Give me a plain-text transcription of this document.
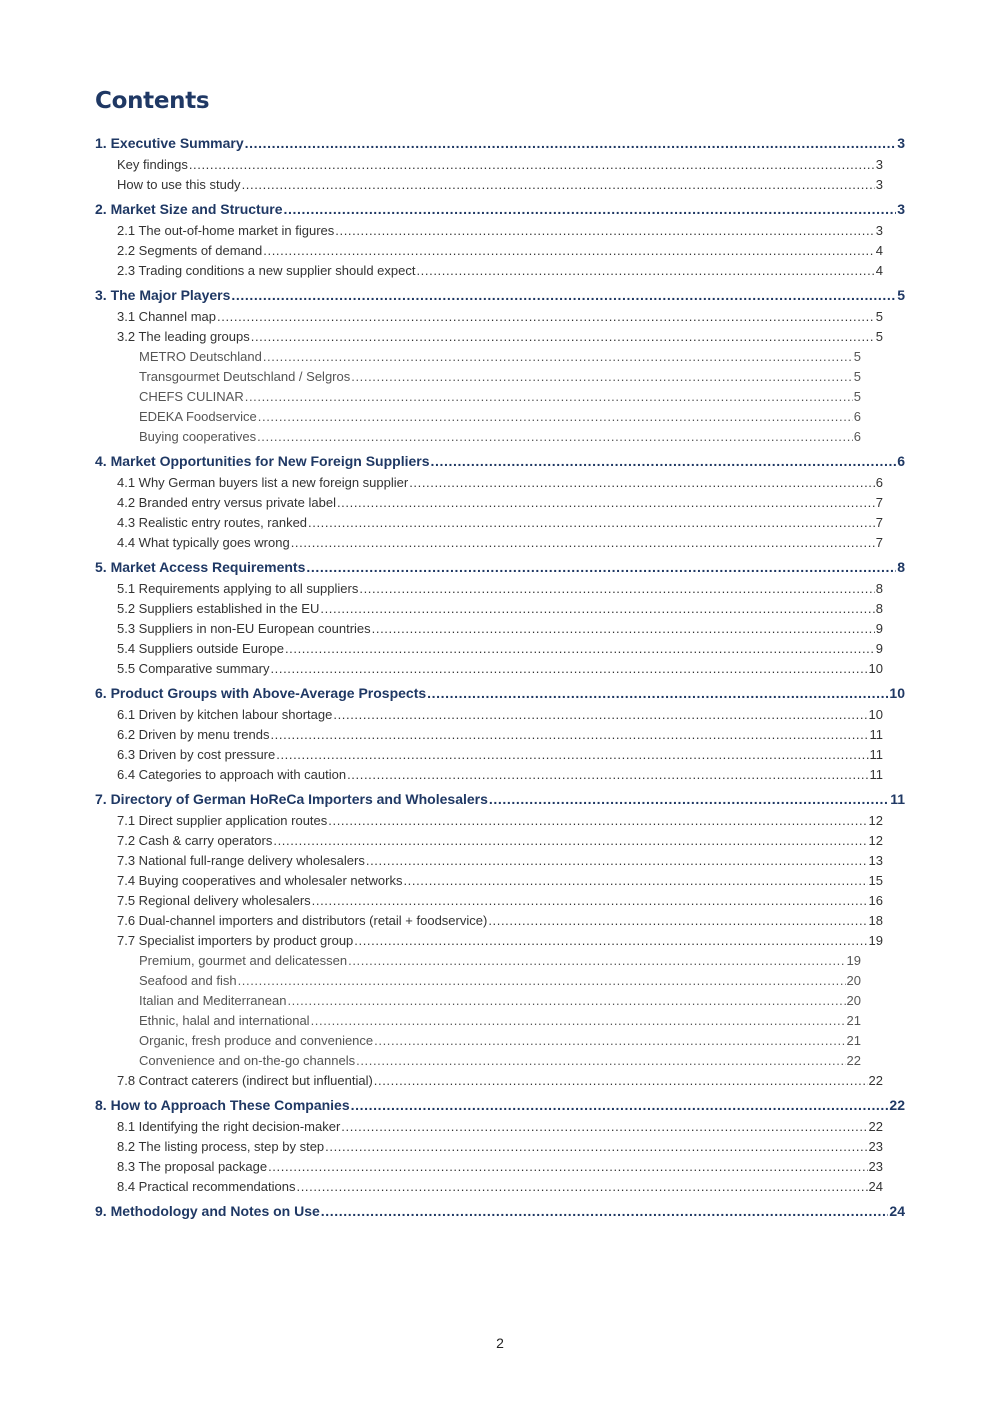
Contents
1. Executive Summary .....	3
Key findings .....	3
How to use this study .....	3
2. Market Size and Structure .....	3
2.1 The out-of-home market in figures .....	3
2.2 Segments of demand .....	4
2.3 Trading conditions a new supplier should expect .....	4
3. The Major Players .....	5
3.1 Channel map .....	5
3.2 The leading groups .....	5
METRO Deutschland .....	5
Transgourmet Deutschland / Selgros .....	5
CHEFS CULINAR .....	5
EDEKA Foodservice .....	6
Buying cooperatives .....	6
4. Market Opportunities for New Foreign Suppliers .....	6
4.1 Why German buyers list a new foreign supplier .....	6
4.2 Branded entry versus private label .....	7
4.3 Realistic entry routes, ranked .....	7
4.4 What typically goes wrong .....	7
5. Market Access Requirements .....	8
5.1 Requirements applying to all suppliers .....	8
5.2 Suppliers established in the EU .....	8
5.3 Suppliers in non-EU European countries .....	9
5.4 Suppliers outside Europe .....	9
5.5 Comparative summary .....	10
6. Product Groups with Above-Average Prospects .....	10
6.1 Driven by kitchen labour shortage .....	10
6.2 Driven by menu trends .....	11
6.3 Driven by cost pressure .....	11
6.4 Categories to approach with caution .....	11
7. Directory of German HoReCa Importers and Wholesalers .....	11
7.1 Direct supplier application routes .....	12
7.2 Cash & carry operators .....	12
7.3 National full-range delivery wholesalers .....	13
7.4 Buying cooperatives and wholesaler networks .....	15
7.5 Regional delivery wholesalers .....	16
7.6 Dual-channel importers and distributors (retail + foodservice) .....	18
7.7 Specialist importers by product group .....	19
Premium, gourmet and delicatessen .....	19
Seafood and fish .....	20
Italian and Mediterranean .....	20
Ethnic, halal and international .....	21
Organic, fresh produce and convenience .....	21
Convenience and on-the-go channels .....	22
7.8 Contract caterers (indirect but influential) .....	22
8. How to Approach These Companies .....	22
8.1 Identifying the right decision-maker .....	22
8.2 The listing process, step by step .....	23
8.3 The proposal package .....	23
8.4 Practical recommendations .....	24
9. Methodology and Notes on Use .....	24
2
